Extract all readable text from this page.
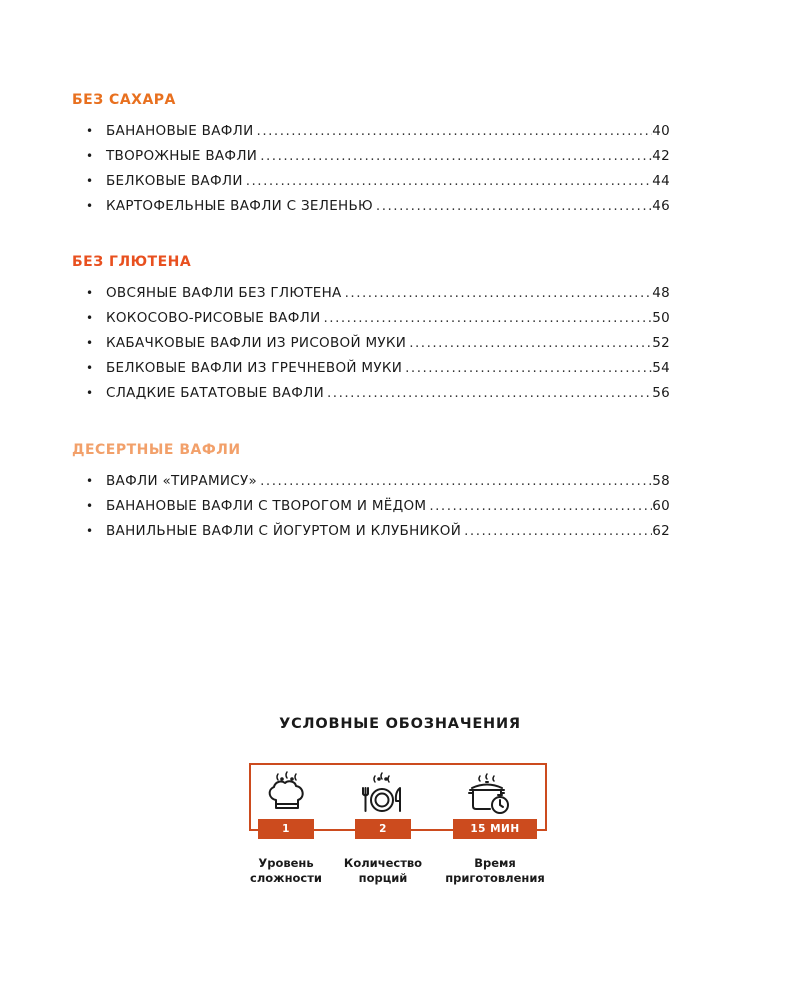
БЕЗ САХАРА
• БАНАНОВЫЕ ВАФЛИ .....	40
• ТВОРОЖНЫЕ ВАФЛИ .....	42
• БЕЛКОВЫЕ ВАФЛИ .....	44
• КАРТОФЕЛЬНЫЕ ВАФЛИ С ЗЕЛЕНЬЮ .....	46
БЕЗ ГЛЮТЕНА
• ОВСЯНЫЕ ВАФЛИ БЕЗ ГЛЮТЕНА .....	48
• КОКОСОВО-РИСОВЫЕ ВАФЛИ .....	50
• КАБАЧКОВЫЕ ВАФЛИ ИЗ РИСОВОЙ МУКИ .....	52
• БЕЛКОВЫЕ ВАФЛИ ИЗ ГРЕЧНЕВОЙ МУКИ .....	54
• СЛАДКИЕ БАТАТОВЫЕ ВАФЛИ .....	56
ДЕСЕРТНЫЕ ВАФЛИ
• ВАФЛИ «ТИРАМИСУ» .....	58
• БАНАНОВЫЕ ВАФЛИ С ТВОРОГОМ И МЁДОМ .....	60
• ВАНИЛЬНЫЕ ВАФЛИ С ЙОГУРТОМ И КЛУБНИКОЙ .....	62
УСЛОВНЫЕ ОБОЗНАЧЕНИЯ
1	2	15 МИН
Уровень
сложности
Количество
порций
Время
приготовления
